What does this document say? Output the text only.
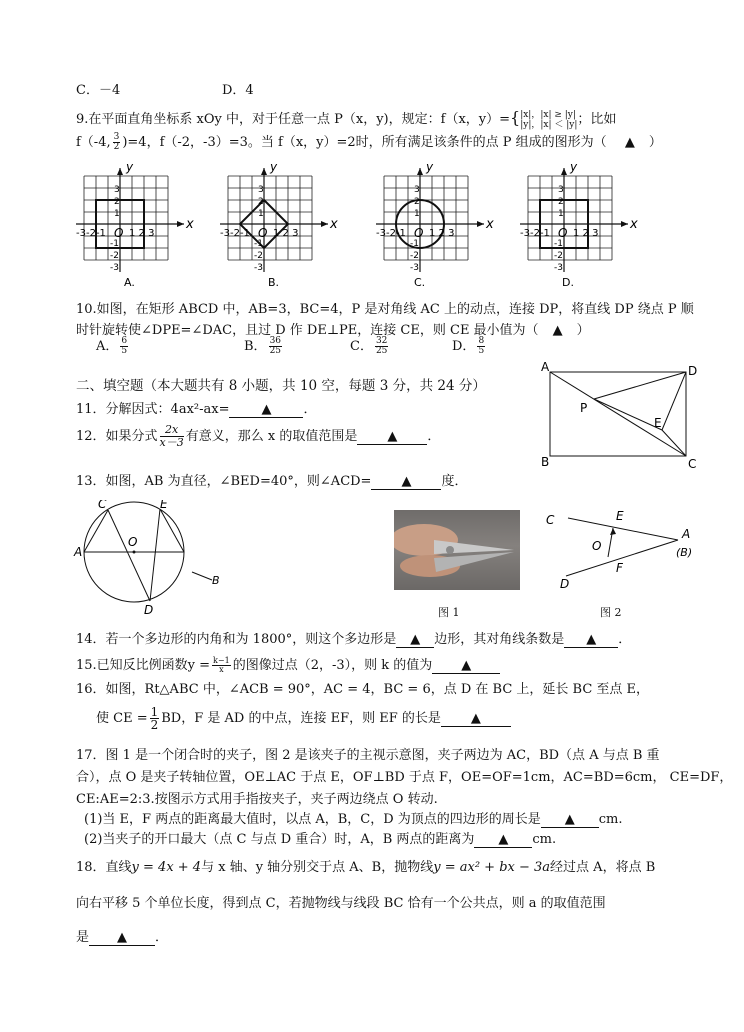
C．－4	D．4
9.在平面直角坐标系 xOy 中，对于任意一点 P（x，y)，规定：f（x，y）={ |x|，|x| ≥ |y|
|y|，|x| ＜ |y| ；比如
f（-4, $\frac{3}{2} )=4$，f（-2，-3）=3。当 f（x，y）=2时，所有满足该条件的点 P 组成的图形为（ ▲ ）
y
x
-3-2-1 1 2 3
O
3
2
1
-1
-2
-3
A.
y
x
-3-2-1 1 2 3
O
3
2
1
-1
-2
-3
B.
y
x
-3-2-1 1 2 3
O
3
2
1
-1
-2
-3
C.
y
x
-3-2-1 1 2 3
O
3
2
1
-1
-2
-3
D.
10.如图，在矩形 ABCD 中，AB=3，BC=4，P 是对角线 AC 上的动点，连接 DP，将直线 DP 绕点 P 顺
时针旋转使∠DPE=∠DAC，且过 D 作 DE⊥PE，连接 CE，则 CE 最小值为（ ▲ ）
A． $\frac{6}{5}$	B． $\frac{36}{25}$	C． $\frac{32}{25}$	D． $\frac{8}{5}$
A	D
B	C
P
E
二、填空题（本大题共有 8 小题，共 10 空，每题 3 分，共 24 分）
11．分解因式：4ax²-ax= ▲ ．
12．如果分式 $\frac{2x}{x-3}$ 有意义，那么 x 的取值范围是 ▲ ．
13．如图，AB 为直径，∠BED=40°，则∠ACD= ▲ 度．
A
C	E
O
D
B
图 1
C	E
A
(B)
O
F
D
图 2
14．若一个多边形的内角和为 1800°，则这个多边形是 ▲ 边形，其对角线条数是 ▲ ．
15.已知反比例函数$y = \frac{k-1}{x}$ 的图像过点（2，-3），则 k 的值为 ▲
16．如图，Rt△ABC 中，∠ACB = 90°，AC = 4，BC = 6，点 D 在 BC 上，延长 BC 至点 E，
使 CE = $\frac{1}{2}$ BD，F 是 AD 的中点，连接 EF，则 EF 的长是 ▲
17．图 1 是一个闭合时的夹子，图 2 是该夹子的主视示意图，夹子两边为 AC，BD（点 A 与点 B 重
合），点 O 是夹子转轴位置，OE⊥AC 于点 E，OF⊥BD 于点 F，OE=OF=1cm，AC=BD=6cm， CE=DF，
CE:AE=2:3.按图示方式用手指按夹子，夹子两边绕点 O 转动.
(1)当 E，F 两点的距离最大值时，以点 A，B，C，D 为顶点的四边形的周长是 ▲ cm.
(2)当夹子的开口最大（点 C 与点 D 重合）时，A，B 两点的距离为 ▲ cm.
18．直线y = 4x + 4与 x 轴、y 轴分别交于点 A、B，抛物线y = ax² + bx − 3a经过点 A，将点 B
向右平移 5 个单位长度，得到点 C，若抛物线与线段 BC 恰有一个公共点，则 a 的取值范围
是 ▲ ．
